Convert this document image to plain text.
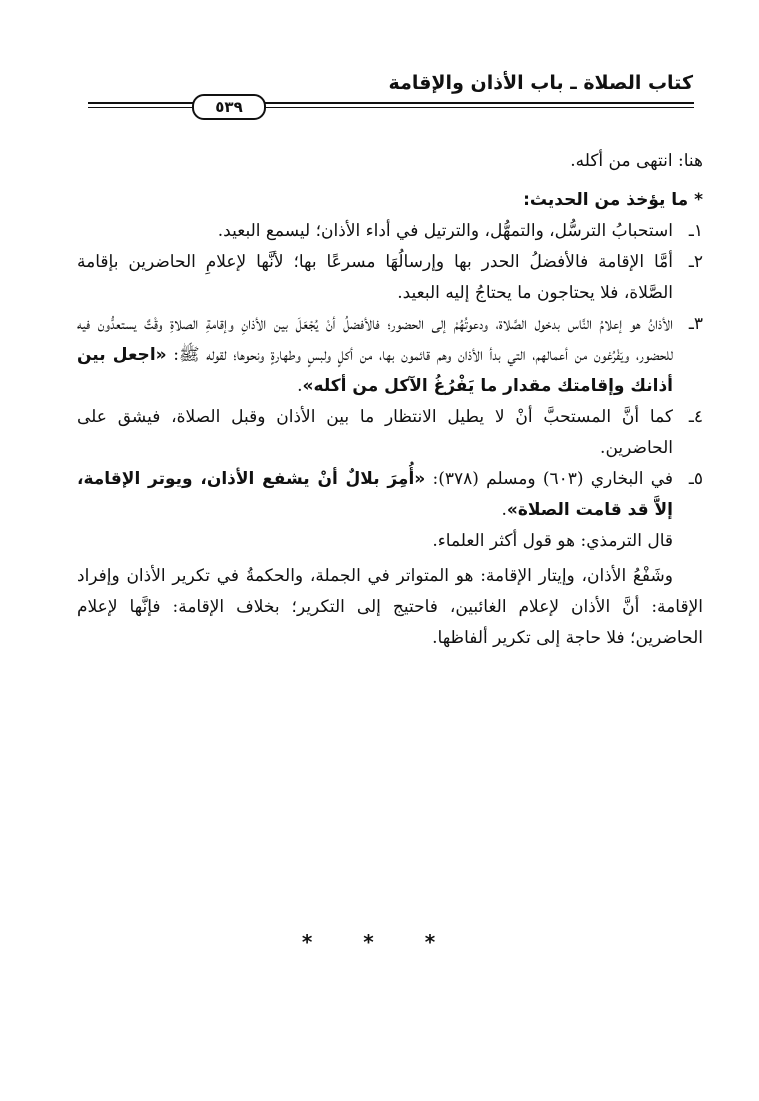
كتاب الصلاة ـ باب الأذان والإقامة
٥٣٩

هنا: انتهى من أكله.

* ما يؤخذ من الحديث:

١ـاستحبابُ الترسُّل، والتمهُّل، والترتيل في أداء الأذان؛ ليسمع البعيد.

٢ـأمَّا الإقامة فالأفضلُ الحدر بها وإرسالُهَا مسرعًا بها؛ لأنَّها لإعلامِ الحاضرين بإقامة الصَّلاة، فلا يحتاجون ما يحتاجُ إليه البعيد.

٣ـالأذانُ هو إعلامُ النَّاس بدخول الصَّلاة، ودعوتُهُمْ إلى الحضور؛ فالأفضلُ أنْ يُجْعَلَ بين الأذانِ وإقامةِ الصلاةِ وقْتٌ يستعدُّون فيه للحضور، ويَفْرُغون من أعمالهم، التي بدأ الأذان وهم قائمون بها، من أكلٍ ولبسٍ وطهارةٍ ونحوها؛ لقوله ﷺ: «اجعل بين أذانك وإقامتك مقدار ما يَفْرُغُ الآكل من أكله».

٤ـكما أنَّ المستحبَّ أنْ لا يطيل الانتظار ما بين الأذان وقبل الصلاة، فيشق على الحاضرين.

٥ـفي البخاري (٦٠٣) ومسلم (٣٧٨): «أُمِرَ بلالٌ أنْ يشفع الأذان، ويوتر الإقامة، إلاَّ قد قامت الصلاة».

قال الترمذي: هو قول أكثر العلماء.

وشَفْعُ الأذان، وإيتار الإقامة: هو المتواتر في الجملة، والحكمةُ في تكرير الأذان وإفراد الإقامة: أنَّ الأذان لإعلام الغائبين، فاحتيج إلى التكرير؛ بخلاف الإقامة: فإنَّها لإعلام الحاضرين؛ فلا حاجة إلى تكرير ألفاظها.

* * *
